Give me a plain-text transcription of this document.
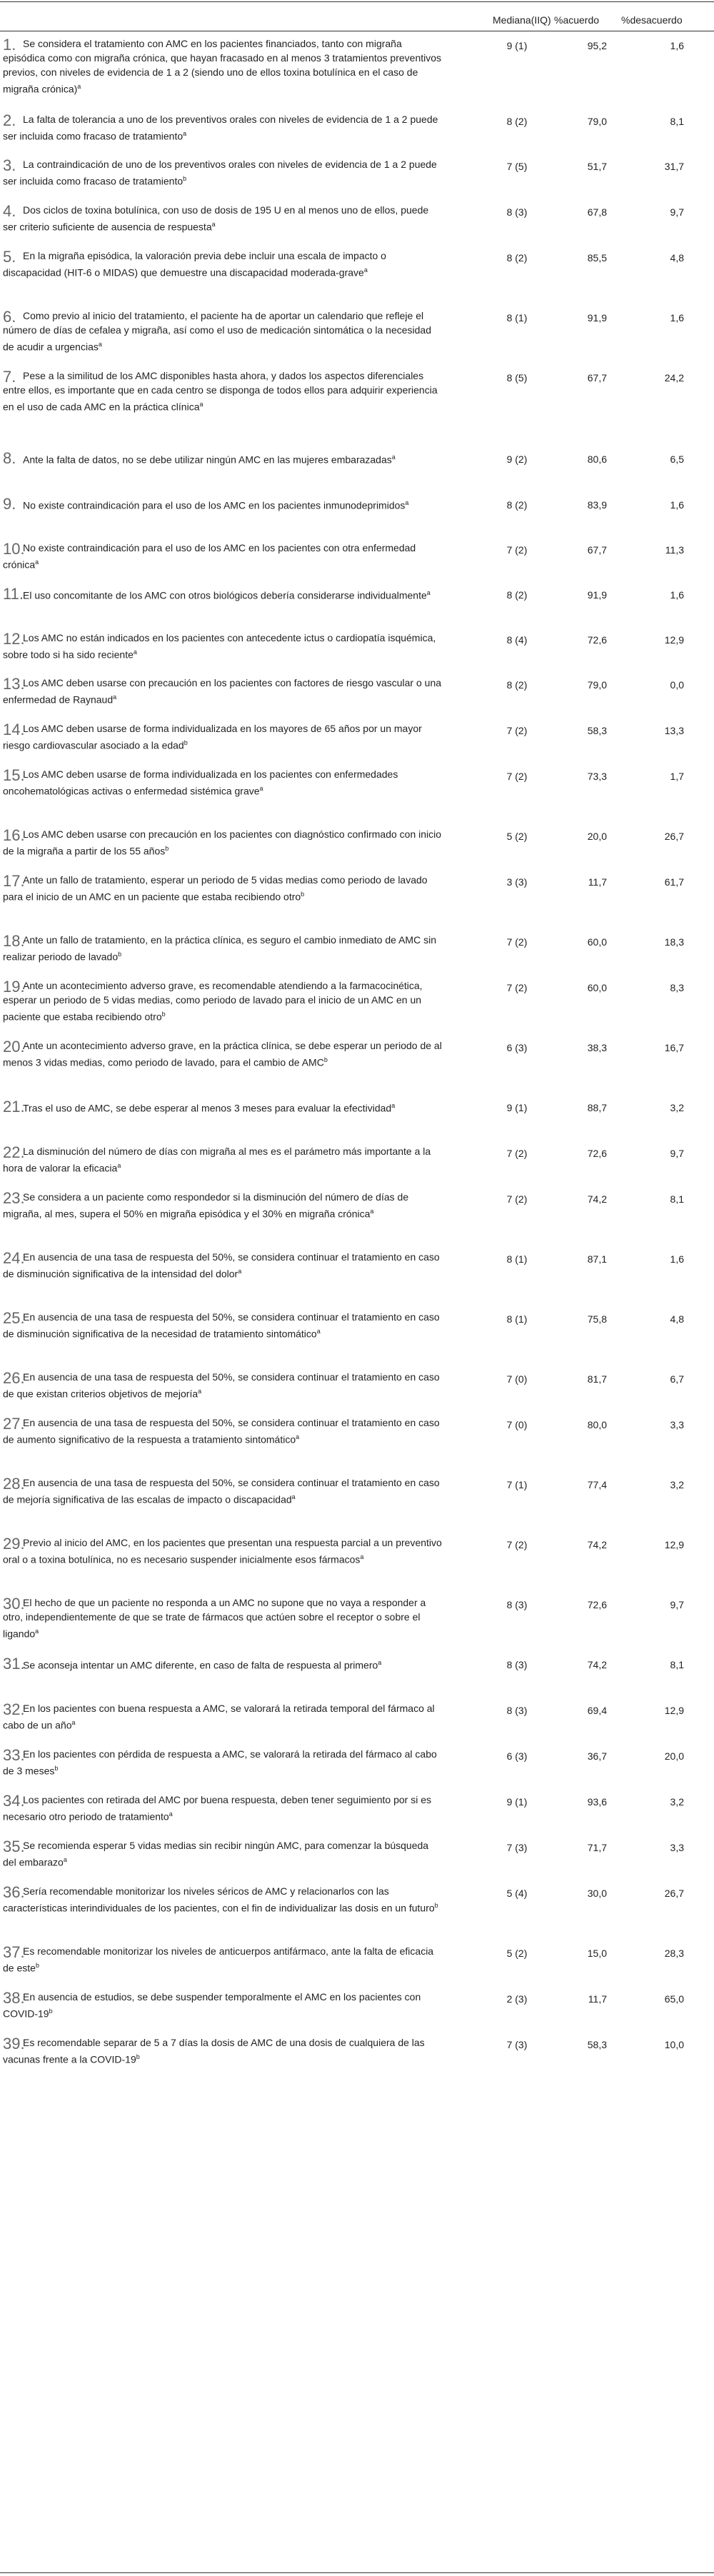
Mediana(IIQ) %acuerdo %desacuerdo
1. Se considera el tratamiento con AMC en los pacientes financiados, tanto con migraña episódica como con migraña crónica, que hayan fracasado en al menos 3 tratamientos preventivos previos, con niveles de evidencia de 1 a 2 (siendo uno de ellos toxina botulínica en el caso de migraña crónica)$^a$
9 (1)	95,2	1,6
2. La falta de tolerancia a uno de los preventivos orales con niveles de evidencia de 1 a 2 puede ser incluida como fracaso de tratamiento$^a$
8 (2)	79,0	8,1
3. La contraindicación de uno de los preventivos orales con niveles de evidencia de 1 a 2 puede ser incluida como fracaso de tratamiento$^b$
7 (5)	51,7	31,7
4. Dos ciclos de toxina botulínica, con uso de dosis de 195 U en al menos uno de ellos, puede ser criterio suficiente de ausencia de respuesta$^a$
8 (3)	67,8	9,7
5. En la migraña episódica, la valoración previa debe incluir una escala de impacto o discapacidad (HIT-6 o MIDAS) que demuestre una discapacidad moderada-grave$^a$
8 (2)	85,5	4,8
6. Como previo al inicio del tratamiento, el paciente ha de aportar un calendario que refleje el número de días de cefalea y migraña, así como el uso de medicación sintomática o la necesidad de acudir a urgencias$^a$
8 (1)	91,9	1,6
7. Pese a la similitud de los AMC disponibles hasta ahora, y dados los aspectos diferenciales entre ellos, es importante que en cada centro se disponga de todos ellos para adquirir experiencia en el uso de cada AMC en la práctica clínica$^a$
8 (5)	67,7	24,2
8. Ante la falta de datos, no se debe utilizar ningún AMC en las mujeres embarazadas$^a$	9 (2)	80,6	6,5
9. No existe contraindicación para el uso de los AMC en los pacientes inmunodeprimidos$^a$	8 (2)	83,9	1,6
10.
No existe contraindicación para el uso de los AMC en los pacientes con otra enfermedad crónica$^a$
7 (2)	67,7	11,3
11. El uso concomitante de los AMC con otros biológicos debería considerarse individualmente$^a$	8 (2)	91,9	1,6
12.
Los AMC no están indicados en los pacientes con antecedente ictus o cardiopatía isquémica, sobre todo si ha sido reciente$^a$
8 (4)	72,6	12,9
13.
Los AMC deben usarse con precaución en los pacientes con factores de riesgo vascular o una enfermedad de Raynaud$^a$
8 (2)	79,0	0,0
14.
Los AMC deben usarse de forma individualizada en los mayores de 65 años por un mayor riesgo cardiovascular asociado a la edad$^b$
7 (2)	58,3	13,3
15.
Los AMC deben usarse de forma individualizada en los pacientes con enfermedades oncohematológicas activas o enfermedad sistémica grave$^a$
7 (2)	73,3	1,7
16.
Los AMC deben usarse con precaución en los pacientes con diagnóstico confirmado con inicio de la migraña a partir de los 55 años$^b$
5 (2)	20,0	26,7
17.
Ante un fallo de tratamiento, esperar un periodo de 5 vidas medias como periodo de lavado para el inicio de un AMC en un paciente que estaba recibiendo otro$^b$
3 (3)	11,7	61,7
18.
Ante un fallo de tratamiento, en la práctica clínica, es seguro el cambio inmediato de AMC sin realizar periodo de lavado$^b$
7 (2)	60,0	18,3
19.
Ante un acontecimiento adverso grave, es recomendable atendiendo a la farmacocinética, esperar un periodo de 5 vidas medias, como periodo de lavado para el inicio de un AMC en un paciente que estaba recibiendo otro$^b$
7 (2)	60,0	8,3
20.
Ante un acontecimiento adverso grave, en la práctica clínica, se debe esperar un periodo de al menos 3 vidas medias, como periodo de lavado, para el cambio de AMC$^b$
6 (3)	38,3	16,7
21.
Tras el uso de AMC, se debe esperar al menos 3 meses para evaluar la efectividad$^a$	9 (1)	88,7	3,2
22.
La disminución del número de días con migraña al mes es el parámetro más importante a la hora de valorar la eficacia$^a$
7 (2)	72,6	9,7
23.
Se considera a un paciente como respondedor si la disminución del número de días de migraña, al mes, supera el 50% en migraña episódica y el 30% en migraña crónica$^a$
7 (2)	74,2	8,1
24.
En ausencia de una tasa de respuesta del 50%, se considera continuar el tratamiento en caso de disminución significativa de la intensidad del dolor$^a$
8 (1)	87,1	1,6
25.
En ausencia de una tasa de respuesta del 50%, se considera continuar el tratamiento en caso de disminución significativa de la necesidad de tratamiento sintomático$^a$
8 (1)	75,8	4,8
26.
En ausencia de una tasa de respuesta del 50%, se considera continuar el tratamiento en caso de que existan criterios objetivos de mejoría$^a$
7 (0)	81,7	6,7
27.
En ausencia de una tasa de respuesta del 50%, se considera continuar el tratamiento en caso de aumento significativo de la respuesta a tratamiento sintomático$^a$
7 (0)	80,0	3,3
28.
En ausencia de una tasa de respuesta del 50%, se considera continuar el tratamiento en caso de mejoría significativa de las escalas de impacto o discapacidad$^a$
7 (1)	77,4	3,2
29.
Previo al inicio del AMC, en los pacientes que presentan una respuesta parcial a un preventivo oral o a toxina botulínica, no es necesario suspender inicialmente esos fármacos$^a$
7 (2)	74,2	12,9
30.
El hecho de que un paciente no responda a un AMC no supone que no vaya a responder a otro, independientemente de que se trate de fármacos que actúen sobre el receptor o sobre el ligando$^a$
8 (3)	72,6	9,7
31.
Se aconseja intentar un AMC diferente, en caso de falta de respuesta al primero$^a$	8 (3)	74,2	8,1
32.
En los pacientes con buena respuesta a AMC, se valorará la retirada temporal del fármaco al cabo de un año$^a$
8 (3)	69,4	12,9
33.
En los pacientes con pérdida de respuesta a AMC, se valorará la retirada del fármaco al cabo de 3 meses$^b$
6 (3)	36,7	20,0
34.
Los pacientes con retirada del AMC por buena respuesta, deben tener seguimiento por si es necesario otro periodo de tratamiento$^a$
9 (1)	93,6	3,2
35.
Se recomienda esperar 5 vidas medias sin recibir ningún AMC, para comenzar la búsqueda del embarazo$^a$
7 (3)	71,7	3,3
36.
Sería recomendable monitorizar los niveles séricos de AMC y relacionarlos con las características interindividuales de los pacientes, con el fin de individualizar las dosis en un futuro$^b$
5 (4)	30,0	26,7
37.
Es recomendable monitorizar los niveles de anticuerpos antifármaco, ante la falta de eficacia de este$^b$
5 (2)	15,0	28,3
38.
En ausencia de estudios, se debe suspender temporalmente el AMC en los pacientes con COVID-19$^b$
2 (3)	11,7	65,0
39.
Es recomendable separar de 5 a 7 días la dosis de AMC de una dosis de cualquiera de las vacunas frente a la COVID-19$^b$
7 (3)	58,3	10,0
